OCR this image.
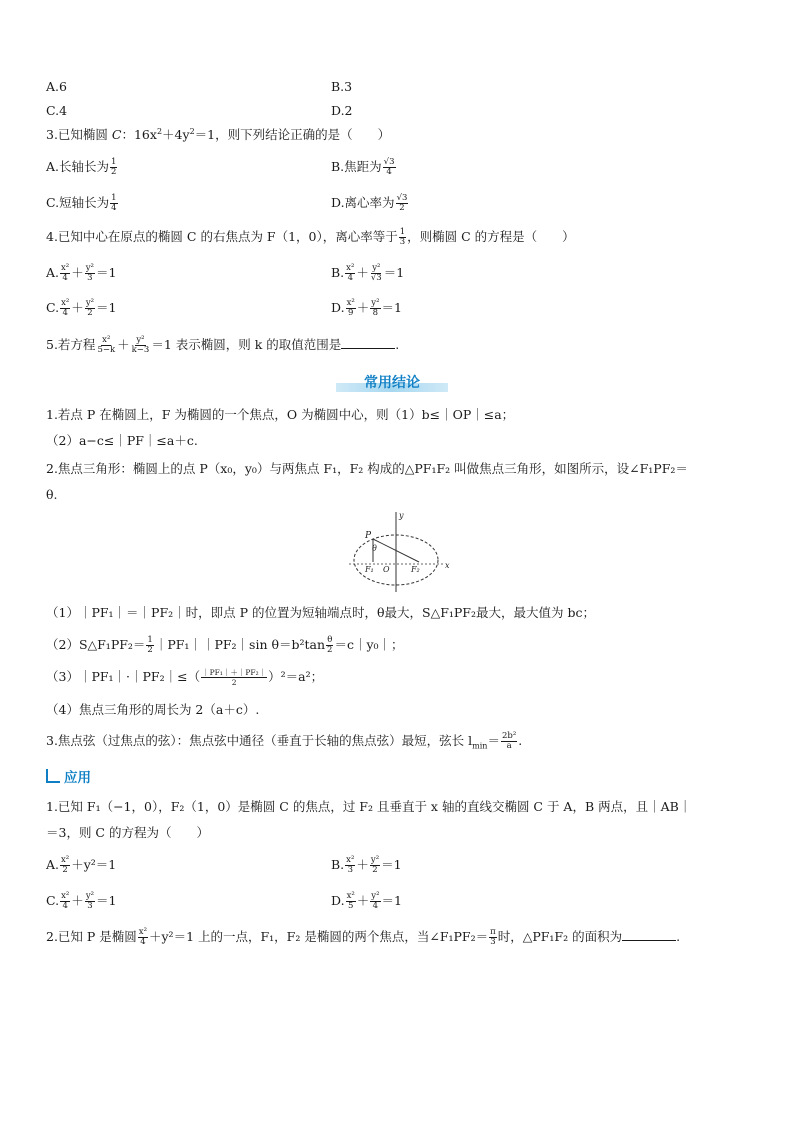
A.6	B.3
C.4	D.2
3.已知椭圆 C：$16x^2+4y^2=1$，则下列结论正确的是（　　）
A.长轴长为 $\frac{1}{2}$	B.焦距为 $\frac{√3}{4}$
C.短轴长为 $\frac{1}{4}$	D.离心率为 $\frac{√3}{2}$
4.已知中心在原点的椭圆 C 的右焦点为 F（1，0），离心率等于 $\frac{1}{3}$ ，则椭圆 C 的方程是（　　）
A. $\frac{\text{x²}}{4} + \frac{\text{y²}}{3} =1$	B. $\frac{\text{x²}}{4} + \frac{\text{y²}}{√3} =1$
C. $\frac{\text{x²}}{4} + \frac{\text{y²}}{2} =1$	D. $\frac{\text{x²}}{9} + \frac{\text{y²}}{8} =1$
5.若方程 $\frac{\text{x²}}{5-k} + \frac{\text{y²}}{k-3} =1$ 表示椭圆，则 k 的取值范围是	.
常用结论
1.若点 P 在椭圆上，F 为椭圆的一个焦点，O 为椭圆中心，则（1）b≤｜OP｜≤a；
（2）a−c≤｜PF｜≤a＋c.
2.焦点三角形：椭圆上的点 P（x₀，y₀）与两焦点 F₁，F₂ 构成的△PF₁F₂ 叫做焦点三角形，如图所示，设∠F₁PF₂＝
θ.
y
x
P
θ
F₁ O	F₂
（1）｜PF₁｜＝｜PF₂｜时，即点 P 的位置为短轴端点时，θ最大，S△F₁PF₂最大，最大值为 bc；
（2）S△F₁PF₂＝ $\frac{1}{2}$ ｜PF₁｜｜PF₂｜sin $\theta=b^2\tan \frac{\theta}{2}$ ＝c｜y₀｜；
（3）｜PF₁｜·｜PF₂｜≤（ $\frac{\text{｜PF₁｜＋｜PF₂｜}}{2} )^2=a^2$；
（4）焦点三角形的周长为 2（a＋c）.
3.焦点弦（过焦点的弦）：焦点弦中通径（垂直于长轴的焦点弦）最短，弦长 $l_{min}= \frac{\text{2b²}}{a}$ .
应用
1.已知 F₁（−1，0），F₂（1，0）是椭圆 C 的焦点，过 F₂ 且垂直于 x 轴的直线交椭圆 C 于 A，B 两点，且｜AB｜
＝3，则 C 的方程为（　　）
A. $\frac{\text{x²}}{2} +y^2=1$	B. $\frac{\text{x²}}{3} + \frac{\text{y²}}{2} =1$
C. $\frac{\text{x²}}{4} + \frac{\text{y²}}{3} =1$	D. $\frac{\text{x²}}{5} + \frac{\text{y²}}{4} =1$
2.已知 P 是椭圆 $\frac{\text{x²}}{4} +y^2=1$ 上的一点，F₁，F₂ 是椭圆的两个焦点，当∠F₁PF₂＝ $\frac{\pi}{3}$ 时，△PF₁F₂ 的面积为	.
